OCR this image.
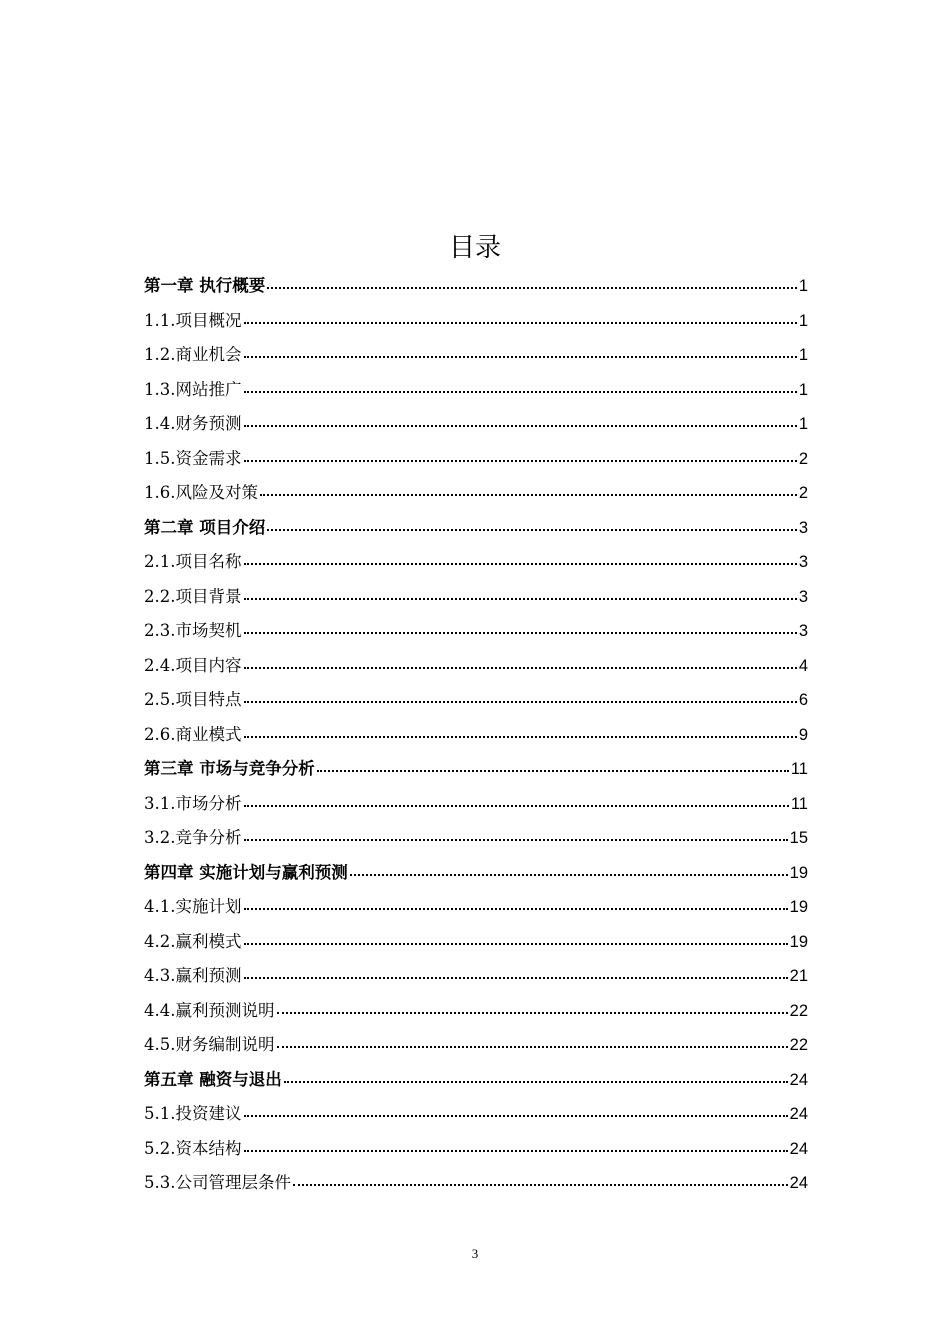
目录
第一章 执行概要	1
1.1.项目概况	1
1.2.商业机会	1
1.3.网站推广	1
1.4.财务预测	1
1.5.资金需求	2
1.6.风险及对策	2
第二章 项目介绍	3
2.1.项目名称	3
2.2.项目背景	3
2.3.市场契机	3
2.4.项目内容	4
2.5.项目特点	6
2.6.商业模式	9
第三章 市场与竞争分析	11
3.1.市场分析	11
3.2.竞争分析	15
第四章 实施计划与赢利预测	19
4.1.实施计划	19
4.2.赢利模式	19
4.3.赢利预测	21
4.4.赢利预测说明	22
4.5.财务编制说明	22
第五章 融资与退出	24
5.1.投资建议	24
5.2.资本结构	24
5.3.公司管理层条件	24
3
